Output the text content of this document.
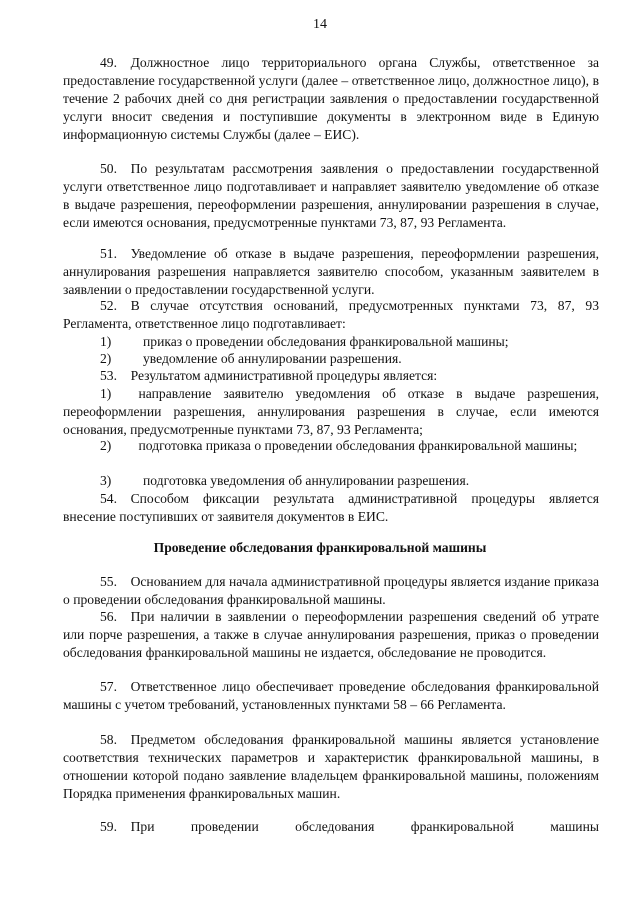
14

49. Должностное лицо территориального органа Службы, ответственное за предоставление государственной услуги (далее – ответственное лицо, должностное лицо), в течение 2 рабочих дней со дня регистрации заявления о предоставлении государственной услуги вносит сведения и поступившие документы в электронном виде в Единую информационную системы Службы (далее – ЕИС).

50. По результатам рассмотрения заявления о предоставлении государственной услуги ответственное лицо подготавливает и направляет заявителю уведомление об отказе в выдаче разрешения, переоформлении разрешения, аннулировании разрешения в случае, если имеются основания, предусмотренные пунктами 73, 87, 93 Регламента.

51. Уведомление об отказе в выдаче разрешения, переоформлении разрешения, аннулирования разрешения направляется заявителю способом, указанным заявителем в заявлении о предоставлении государственной услуги.

52. В случае отсутствия оснований, предусмотренных пунктами 73, 87, 93 Регламента, ответственное лицо подготавливает:

1) приказ о проведении обследования франкировальной машины;

2) уведомление об аннулировании разрешения.

53. Результатом административной процедуры является:

1)  направление заявителю уведомления об отказе в выдаче разрешения, переоформлении разрешения, аннулирования разрешения в случае, если имеются основания, предусмотренные пунктами 73, 87, 93 Регламента;

2)  подготовка приказа о проведении обследования франкировальной машины;

3) подготовка уведомления об аннулировании разрешения.

54. Способом фиксации результата административной процедуры является внесение поступивших от заявителя документов в ЕИС.

Проведение обследования франкировальной машины

55. Основанием для начала административной процедуры является издание приказа о проведении обследования франкировальной машины.

56. При наличии в заявлении о переоформлении разрешения сведений об утрате или порче разрешения, а также в случае аннулирования разрешения, приказ о проведении обследования франкировальной машины не издается, обследование не проводится.

57. Ответственное лицо обеспечивает проведение обследования франкировальной машины с учетом требований, установленных пунктами 58 – 66 Регламента.

58. Предметом обследования франкировальной машины является установление соответствия технических параметров и характеристик франкировальной машины, в отношении которой подано заявление владельцем франкировальной машины, положениям Порядка применения франкировальных машин.

59. При проведении обследования франкировальной машины
